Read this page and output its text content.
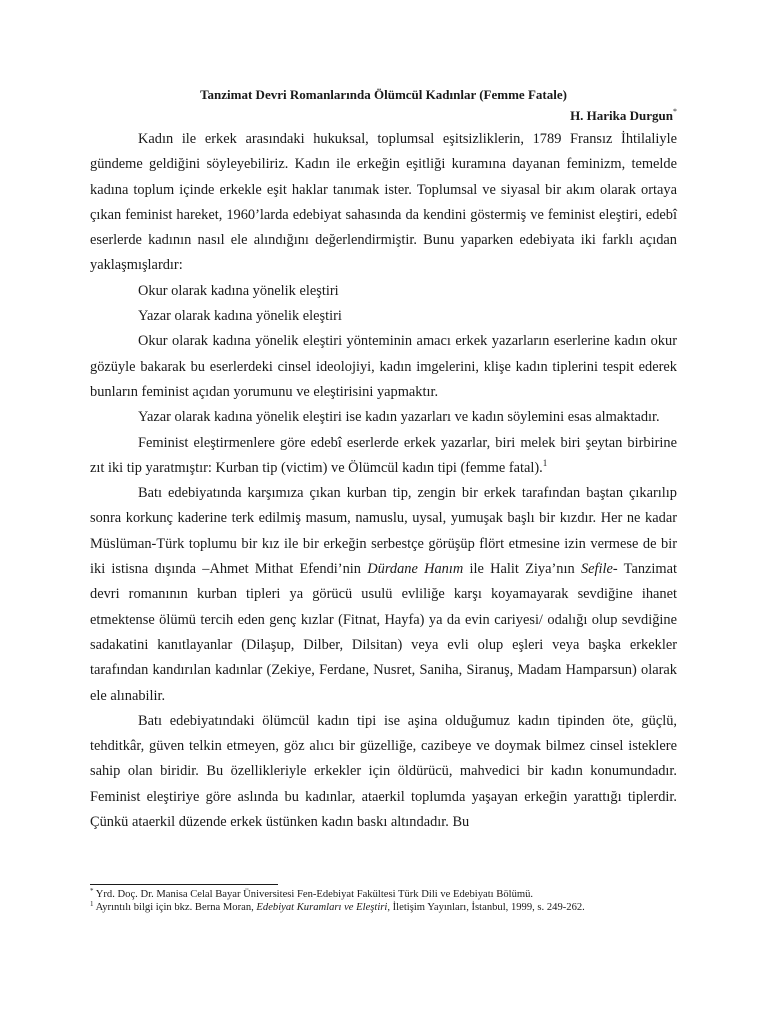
Tanzimat Devri Romanlarında Ölümcül Kadınlar (Femme Fatale)
H. Harika Durgun*

Kadın ile erkek arasındaki hukuksal, toplumsal eşitsizliklerin, 1789 Fransız İhtilaliyle gündeme geldiğini söyleyebiliriz. Kadın ile erkeğin eşitliği kuramına dayanan feminizm, temelde kadına toplum içinde erkekle eşit haklar tanımak ister. Toplumsal ve siyasal bir akım olarak ortaya çıkan feminist hareket, 1960’larda edebiyat sahasında da kendini göstermiş ve feminist eleştiri, edebî eserlerde kadının nasıl ele alındığını değerlendirmiştir. Bunu yaparken edebiyata iki farklı açıdan yaklaşmışlardır:

Okur olarak kadına yönelik eleştiri

Yazar olarak kadına yönelik eleştiri

Okur olarak kadına yönelik eleştiri yönteminin amacı erkek yazarların eserlerine kadın okur gözüyle bakarak bu eserlerdeki cinsel ideolojiyi, kadın imgelerini, klişe kadın tiplerini tespit ederek bunların feminist açıdan yorumunu ve eleştirisini yapmaktır.

Yazar olarak kadına yönelik eleştiri ise kadın yazarları ve kadın söylemini esas almaktadır.

Feminist eleştirmenlere göre edebî eserlerde erkek yazarlar, biri melek biri şeytan birbirine zıt iki tip yaratmıştır: Kurban tip (victim) ve Ölümcül kadın tipi (femme fatal).$^1$

Batı edebiyatında karşımıza çıkan kurban tip, zengin bir erkek tarafından baştan çıkarılıp sonra korkunç kaderine terk edilmiş masum, namuslu, uysal, yumuşak başlı bir kızdır. Her ne kadar Müslüman-Türk toplumu bir kız ile bir erkeğin serbestçe görüşüp flört etmesine izin vermese de bir iki istisna dışında –Ahmet Mithat Efendi’nin Dürdane Hanım ile Halit Ziya’nın Sefile- Tanzimat devri romanının kurban tipleri ya görücü usulü evliliğe karşı koyamayarak sevdiğine ihanet etmektense ölümü tercih eden genç kızlar (Fitnat, Hayfa) ya da evin cariyesi/ odalığı olup sevdiğine sadakatini kanıtlayanlar (Dilaşup, Dilber, Dilsitan) veya evli olup eşleri veya başka erkekler tarafından kandırılan kadınlar (Zekiye, Ferdane, Nusret, Saniha, Siranuş, Madam Hamparsun) olarak ele alınabilir.

Batı edebiyatındaki ölümcül kadın tipi ise aşina olduğumuz kadın tipinden öte, güçlü, tehditkâr, güven telkin etmeyen, göz alıcı bir güzelliğe, cazibeye ve doymak bilmez cinsel isteklere sahip olan biridir. Bu özellikleriyle erkekler için öldürücü, mahvedici bir kadın konumundadır. Feminist eleştiriye göre aslında bu kadınlar, ataerkil toplumda yaşayan erkeğin yarattığı tiplerdir. Çünkü ataerkil düzende erkek üstünken kadın baskı altındadır. Bu

* Yrd. Doç. Dr. Manisa Celal Bayar Üniversitesi Fen-Edebiyat Fakültesi Türk Dili ve Edebiyatı Bölümü.

$^1$ Ayrıntılı bilgi için bkz. Berna Moran, Edebiyat Kuramları ve Eleştiri, İletişim Yayınları, İstanbul, 1999, s. 249-262.
